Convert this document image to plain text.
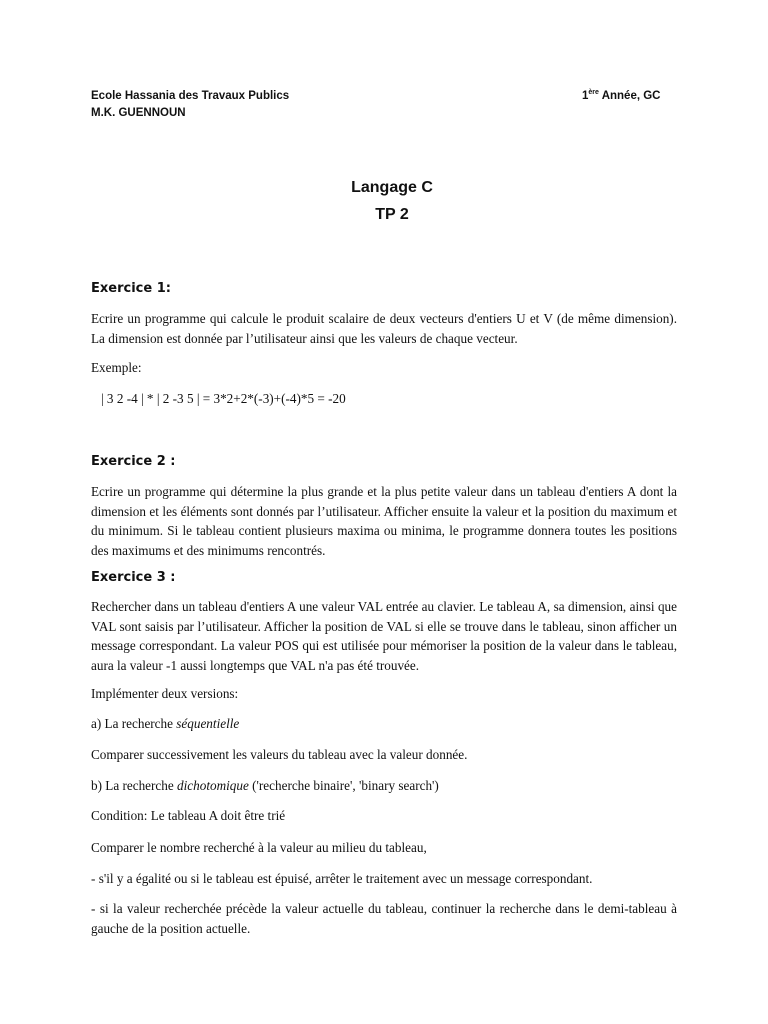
Ecole Hassania des Travaux Publics
M.K. GUENNOUN
1ère Année, GC
Langage C
TP 2
Exercice 1:
Ecrire un programme qui calcule le produit scalaire de deux vecteurs d'entiers U et V (de même dimension). La dimension est donnée par l’utilisateur ainsi que les valeurs de chaque vecteur.
Exemple:
| 3 2 -4 | * | 2 -3 5 | = 3*2+2*(-3)+(-4)*5 = -20
Exercice 2 :
Ecrire un programme qui détermine la plus grande et la plus petite valeur dans un tableau d'entiers A dont la dimension et les éléments sont donnés par l’utilisateur. Afficher ensuite la valeur et la position du maximum et du minimum. Si le tableau contient plusieurs maxima ou minima, le programme donnera toutes les positions des maximums et des minimums rencontrés.
Exercice 3 :
Rechercher dans un tableau d'entiers A une valeur VAL entrée au clavier. Le tableau A, sa dimension, ainsi que VAL sont saisis par l’utilisateur. Afficher la position de VAL si elle se trouve dans le tableau, sinon afficher un message correspondant. La valeur POS qui est utilisée pour mémoriser la position de la valeur dans le tableau, aura la valeur -1 aussi longtemps que VAL n'a pas été trouvée.
Implémenter deux versions:
a) La recherche séquentielle
Comparer successivement les valeurs du tableau avec la valeur donnée.
b) La recherche dichotomique ('recherche binaire', 'binary search')
Condition: Le tableau A doit être trié
Comparer le nombre recherché à la valeur au milieu du tableau,
- s'il y a égalité ou si le tableau est épuisé, arrêter le traitement avec un message correspondant.
- si la valeur recherchée précède la valeur actuelle du tableau, continuer la recherche dans le demi-tableau à gauche de la position actuelle.
